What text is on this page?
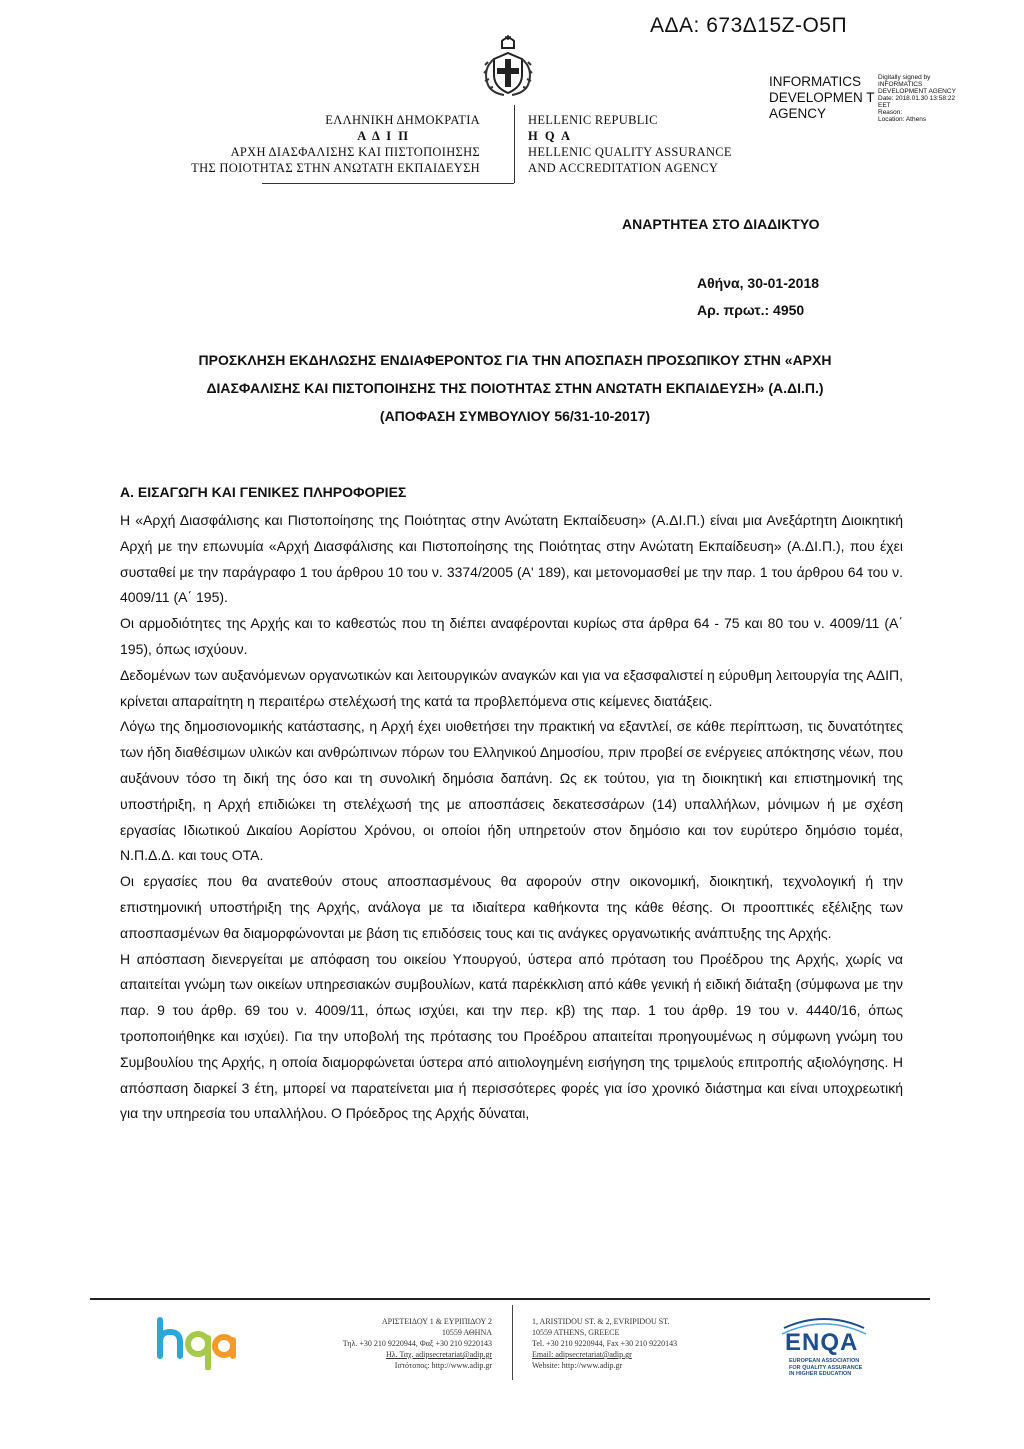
ΑΔΑ: 673Δ15Ζ-Ο5Π
INFORMATICS DEVELOPMEN T AGENCY
Digitally signed by
INFORMATICS
DEVELOPMENT AGENCY
Date: 2018.01.30 13:58:22
EET
Reason:
Location: Athens
ΕΛΛΗΝΙΚΗ ΔΗΜΟΚΡΑΤΙΑ
Α Δ Ι Π
ΑΡΧΗ ΔΙΑΣΦΑΛΙΣΗΣ ΚΑΙ ΠΙΣΤΟΠΟΙΗΣΗΣ
ΤΗΣ ΠΟΙΟΤΗΤΑΣ ΣΤΗΝ ΑΝΩΤΑΤΗ ΕΚΠΑΙΔΕΥΣΗ
HELLENIC REPUBLIC
H Q A
HELLENIC QUALITY ASSURANCE
AND ACCREDITATION AGENCY
ΑΝΑΡΤΗΤΕΑ ΣΤΟ ΔΙΑΔΙΚΤΥΟ
Αθήνα, 30-01-2018
Αρ. πρωτ.: 4950
ΠΡΟΣΚΛΗΣΗ ΕΚΔΗΛΩΣΗΣ ΕΝΔΙΑΦΕΡΟΝΤΟΣ ΓΙΑ ΤΗΝ ΑΠΟΣΠΑΣΗ ΠΡΟΣΩΠΙΚΟΥ ΣΤΗΝ «ΑΡΧΗ
ΔΙΑΣΦΑΛΙΣΗΣ ΚΑΙ ΠΙΣΤΟΠΟΙΗΣΗΣ ΤΗΣ ΠΟΙΟΤΗΤΑΣ ΣΤΗΝ ΑΝΩΤΑΤΗ ΕΚΠΑΙΔΕΥΣΗ» (Α.ΔΙ.Π.)
(ΑΠΟΦΑΣΗ ΣΥΜΒΟΥΛΙΟΥ 56/31-10-2017)
Α. ΕΙΣΑΓΩΓΗ ΚΑΙ ΓΕΝΙΚΕΣ ΠΛΗΡΟΦΟΡΙΕΣ

Η «Αρχή Διασφάλισης και Πιστοποίησης της Ποιότητας στην Ανώτατη Εκπαίδευση» (Α.ΔΙ.Π.) είναι μια Ανεξάρτητη Διοικητική Αρχή με την επωνυμία «Αρχή Διασφάλισης και Πιστοποίησης της Ποιότητας στην Ανώτατη Εκπαίδευση» (Α.ΔΙ.Π.), που έχει συσταθεί με την παράγραφο 1 του άρθρου 10 του ν. 3374/2005 (Α' 189), και μετονομασθεί με την παρ. 1 του άρθρου 64 του ν. 4009/11 (Α΄ 195).

Οι αρμοδιότητες της Αρχής και το καθεστώς που τη διέπει αναφέρονται κυρίως στα άρθρα 64 - 75 και 80 του ν. 4009/11 (Α΄ 195), όπως ισχύουν.

Δεδομένων των αυξανόμενων οργανωτικών και λειτουργικών αναγκών και για να εξασφαλιστεί η εύρυθμη λειτουργία της ΑΔΙΠ, κρίνεται απαραίτητη η περαιτέρω στελέχωσή της κατά τα προβλεπόμενα στις κείμενες διατάξεις.

Λόγω της δημοσιονομικής κατάστασης, η Αρχή έχει υιοθετήσει την πρακτική να εξαντλεί, σε κάθε περίπτωση, τις δυνατότητες των ήδη διαθέσιμων υλικών και ανθρώπινων πόρων του Ελληνικού Δημοσίου, πριν προβεί σε ενέργειες απόκτησης νέων, που αυξάνουν τόσο τη δική της όσο και τη συνολική δημόσια δαπάνη. Ως εκ τούτου, για τη διοικητική και επιστημονική της υποστήριξη, η Αρχή επιδιώκει τη στελέχωσή της με αποσπάσεις δεκατεσσάρων (14) υπαλλήλων, μόνιμων ή με σχέση εργασίας Ιδιωτικού Δικαίου Αορίστου Χρόνου, οι οποίοι ήδη υπηρετούν στον δημόσιο και τον ευρύτερο δημόσιο τομέα, Ν.Π.Δ.Δ. και τους ΟΤΑ.

Οι εργασίες που θα ανατεθούν στους αποσπασμένους θα αφορούν στην οικονομική, διοικητική, τεχνολογική ή την επιστημονική υποστήριξη της Αρχής, ανάλογα με τα ιδιαίτερα καθήκοντα της κάθε θέσης. Οι προοπτικές εξέλιξης των αποσπασμένων θα διαμορφώνονται με βάση τις επιδόσεις τους και τις ανάγκες οργανωτικής ανάπτυξης της Αρχής.

Η απόσπαση διενεργείται με απόφαση του οικείου Υπουργού, ύστερα από πρόταση του Προέδρου της Αρχής, χωρίς να απαιτείται γνώμη των οικείων υπηρεσιακών συμβουλίων, κατά παρέκκλιση από κάθε γενική ή ειδική διάταξη (σύμφωνα με την παρ. 9 του άρθρ. 69 του ν. 4009/11, όπως ισχύει, και την περ. κβ) της παρ. 1 του άρθρ. 19 του ν. 4440/16, όπως τροποποιήθηκε και ισχύει). Για την υποβολή της πρότασης του Προέδρου απαιτείται προηγουμένως η σύμφωνη γνώμη του Συμβουλίου της Αρχής, η οποία διαμορφώνεται ύστερα από αιτιολογημένη εισήγηση της τριμελούς επιτροπής αξιολόγησης. Η απόσπαση διαρκεί 3 έτη, μπορεί να παρατείνεται μια ή περισσότερες φορές για ίσο χρονικό διάστημα και είναι υποχρεωτική για την υπηρεσία του υπαλλήλου. Ο Πρόεδρος της Αρχής δύναται,

ΑΡΙΣΤΕΙΔΟΥ 1 & ΕΥΡΙΠΙΔΟΥ 2
10559 ΑΘΗΝΑ
Τηλ. +30 210 9220944, Φαξ +30 210 9220143
Ηλ. Ταχ. adipsecretariat@adip.gr
Ιστότοπος: http://www.adip.gr
1, ARISTIDOU ST. & 2, EVRIPIDOU ST.
10559 ATHENS, GREECE
Tel. +30 210 9220944, Fax +30 210 9220143
Email: adipsecretariat@adip.gr
Website: http://www.adip.gr
ENQA
EUROPEAN ASSOCIATION FOR QUALITY ASSURANCE IN HIGHER EDUCATION
